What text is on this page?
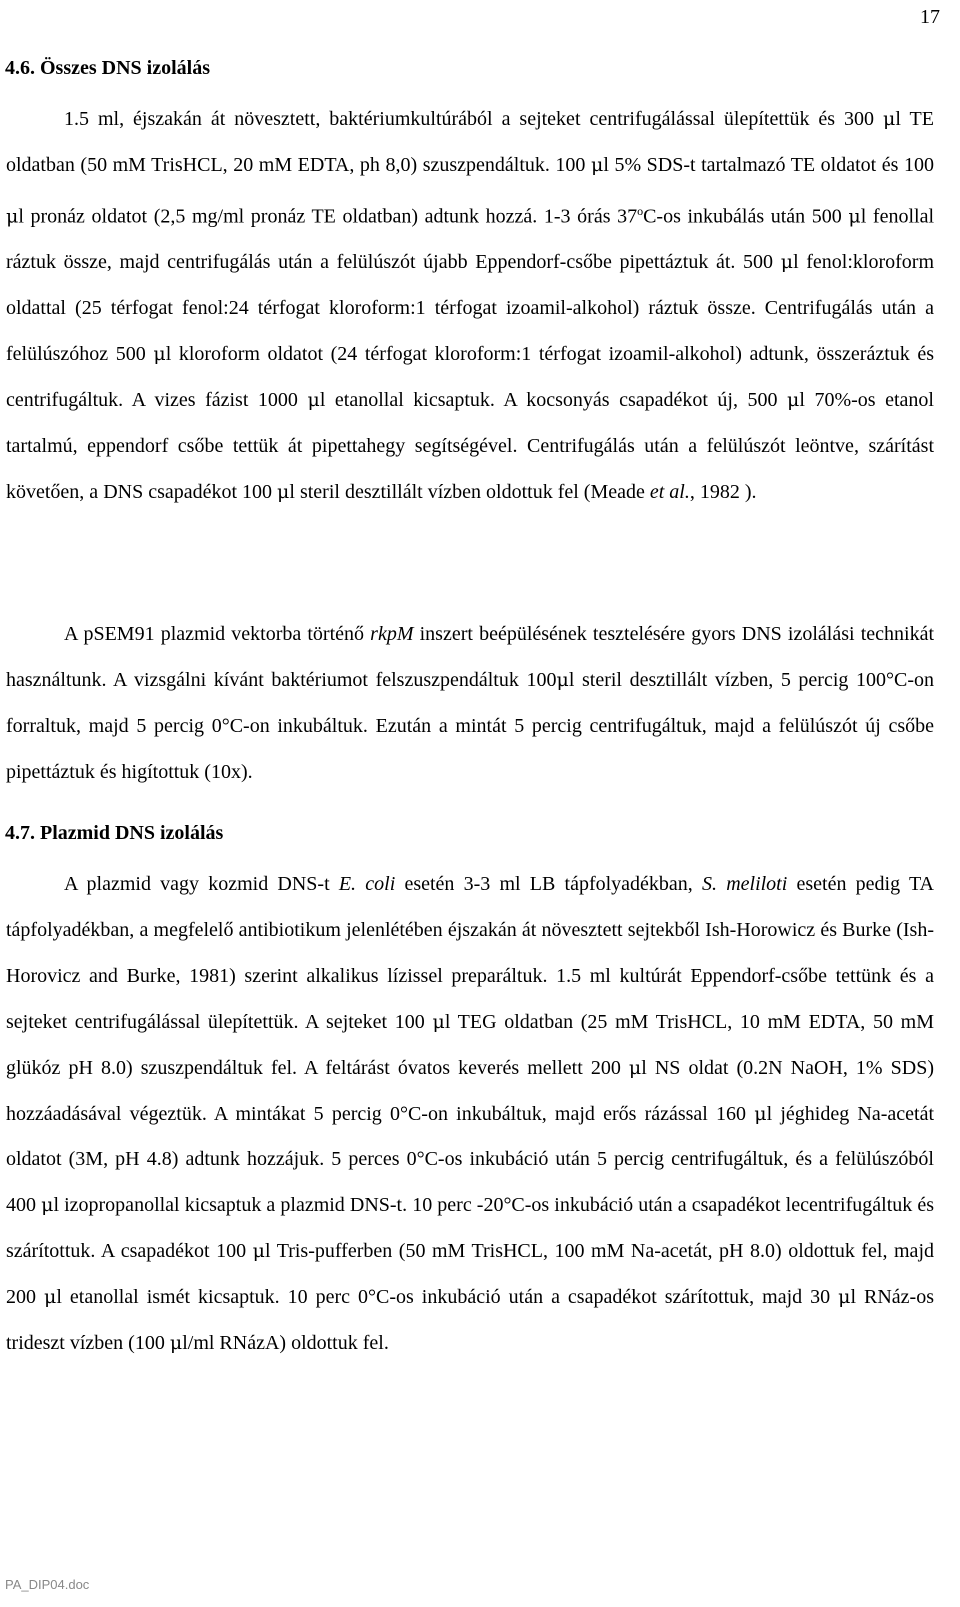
17
4.6. Összes DNS izolálás

1.5 ml, éjszakán át növesztett, baktériumkultúrából a sejteket centrifugálással ülepítettük és 300 μl TE oldatban (50 mM TrisHCL, 20 mM EDTA, ph 8,0) szuszpendáltuk. 100 μl 5% SDS-t tartalmazó TE oldatot és 100 μl pronáz oldatot (2,5 mg/ml pronáz TE oldatban) adtunk hozzá. 1-3 órás 37$^o$C-os inkubálás után 500 μl fenollal ráztuk össze, majd centrifugálás után a felülúszót újabb Eppendorf-csőbe pipettáztuk át. 500 μl fenol:kloroform oldattal (25 térfogat fenol:24 térfogat kloroform:1 térfogat izoamil-alkohol) ráztuk össze. Centrifugálás után a felülúszóhoz 500 μl kloroform oldatot (24 térfogat kloroform:1 térfogat izoamil-alkohol) adtunk, összeráztuk és centrifugáltuk. A vizes fázist 1000 μl etanollal kicsaptuk. A kocsonyás csapadékot új, 500 μl 70%-os etanol tartalmú, eppendorf csőbe tettük át pipettahegy segítségével. Centrifugálás után a felülúszót leöntve, szárítást követően, a DNS csapadékot 100 μl steril desztillált vízben oldottuk fel (Meade et al., 1982 ).

A pSEM91 plazmid vektorba történő rkpM inszert beépülésének tesztelésére gyors DNS izolálási technikát használtunk. A vizsgálni kívánt baktériumot felszuszpendáltuk 100μl steril desztillált vízben, 5 percig 100°C-on forraltuk, majd 5 percig 0°C-on inkubáltuk. Ezután a mintát 5 percig centrifugáltuk, majd a felülúszót új csőbe pipettáztuk és higítottuk (10x).

4.7. Plazmid DNS izolálás

A plazmid vagy kozmid DNS-t E. coli esetén 3-3 ml LB tápfolyadékban, S. meliloti esetén pedig TA tápfolyadékban, a megfelelő antibiotikum jelenlétében éjszakán át növesztett sejtekből Ish-Horowicz és Burke (Ish-Horovicz and Burke, 1981) szerint alkalikus lízissel preparáltuk. 1.5 ml kultúrát Eppendorf-csőbe tettünk és a sejteket centrifugálással ülepítettük. A sejteket 100 μl TEG oldatban (25 mM TrisHCL, 10 mM EDTA, 50 mM glükóz pH 8.0) szuszpendáltuk fel. A feltárást óvatos keverés mellett 200 μl NS oldat (0.2N NaOH, 1% SDS) hozzáadásával végeztük. A mintákat 5 percig 0°C-on inkubáltuk, majd erős rázással 160 μl jéghideg Na-acetát oldatot (3M, pH 4.8) adtunk hozzájuk. 5 perces 0°C-os inkubáció után 5 percig centrifugáltuk, és a felülúszóból 400 μl izopropanollal kicsaptuk a plazmid DNS-t. 10 perc -20°C-os inkubáció után a csapadékot lecentrifugáltuk és szárítottuk. A csapadékot 100 μl Tris-pufferben (50 mM TrisHCL, 100 mM Na-acetát, pH 8.0) oldottuk fel, majd 200 μl etanollal ismét kicsaptuk. 10 perc 0°C-os inkubáció után a csapadékot szárítottuk, majd 30 μl RNáz-os trideszt vízben (100 μl/ml RNázA) oldottuk fel.

PA_DIP04.doc
